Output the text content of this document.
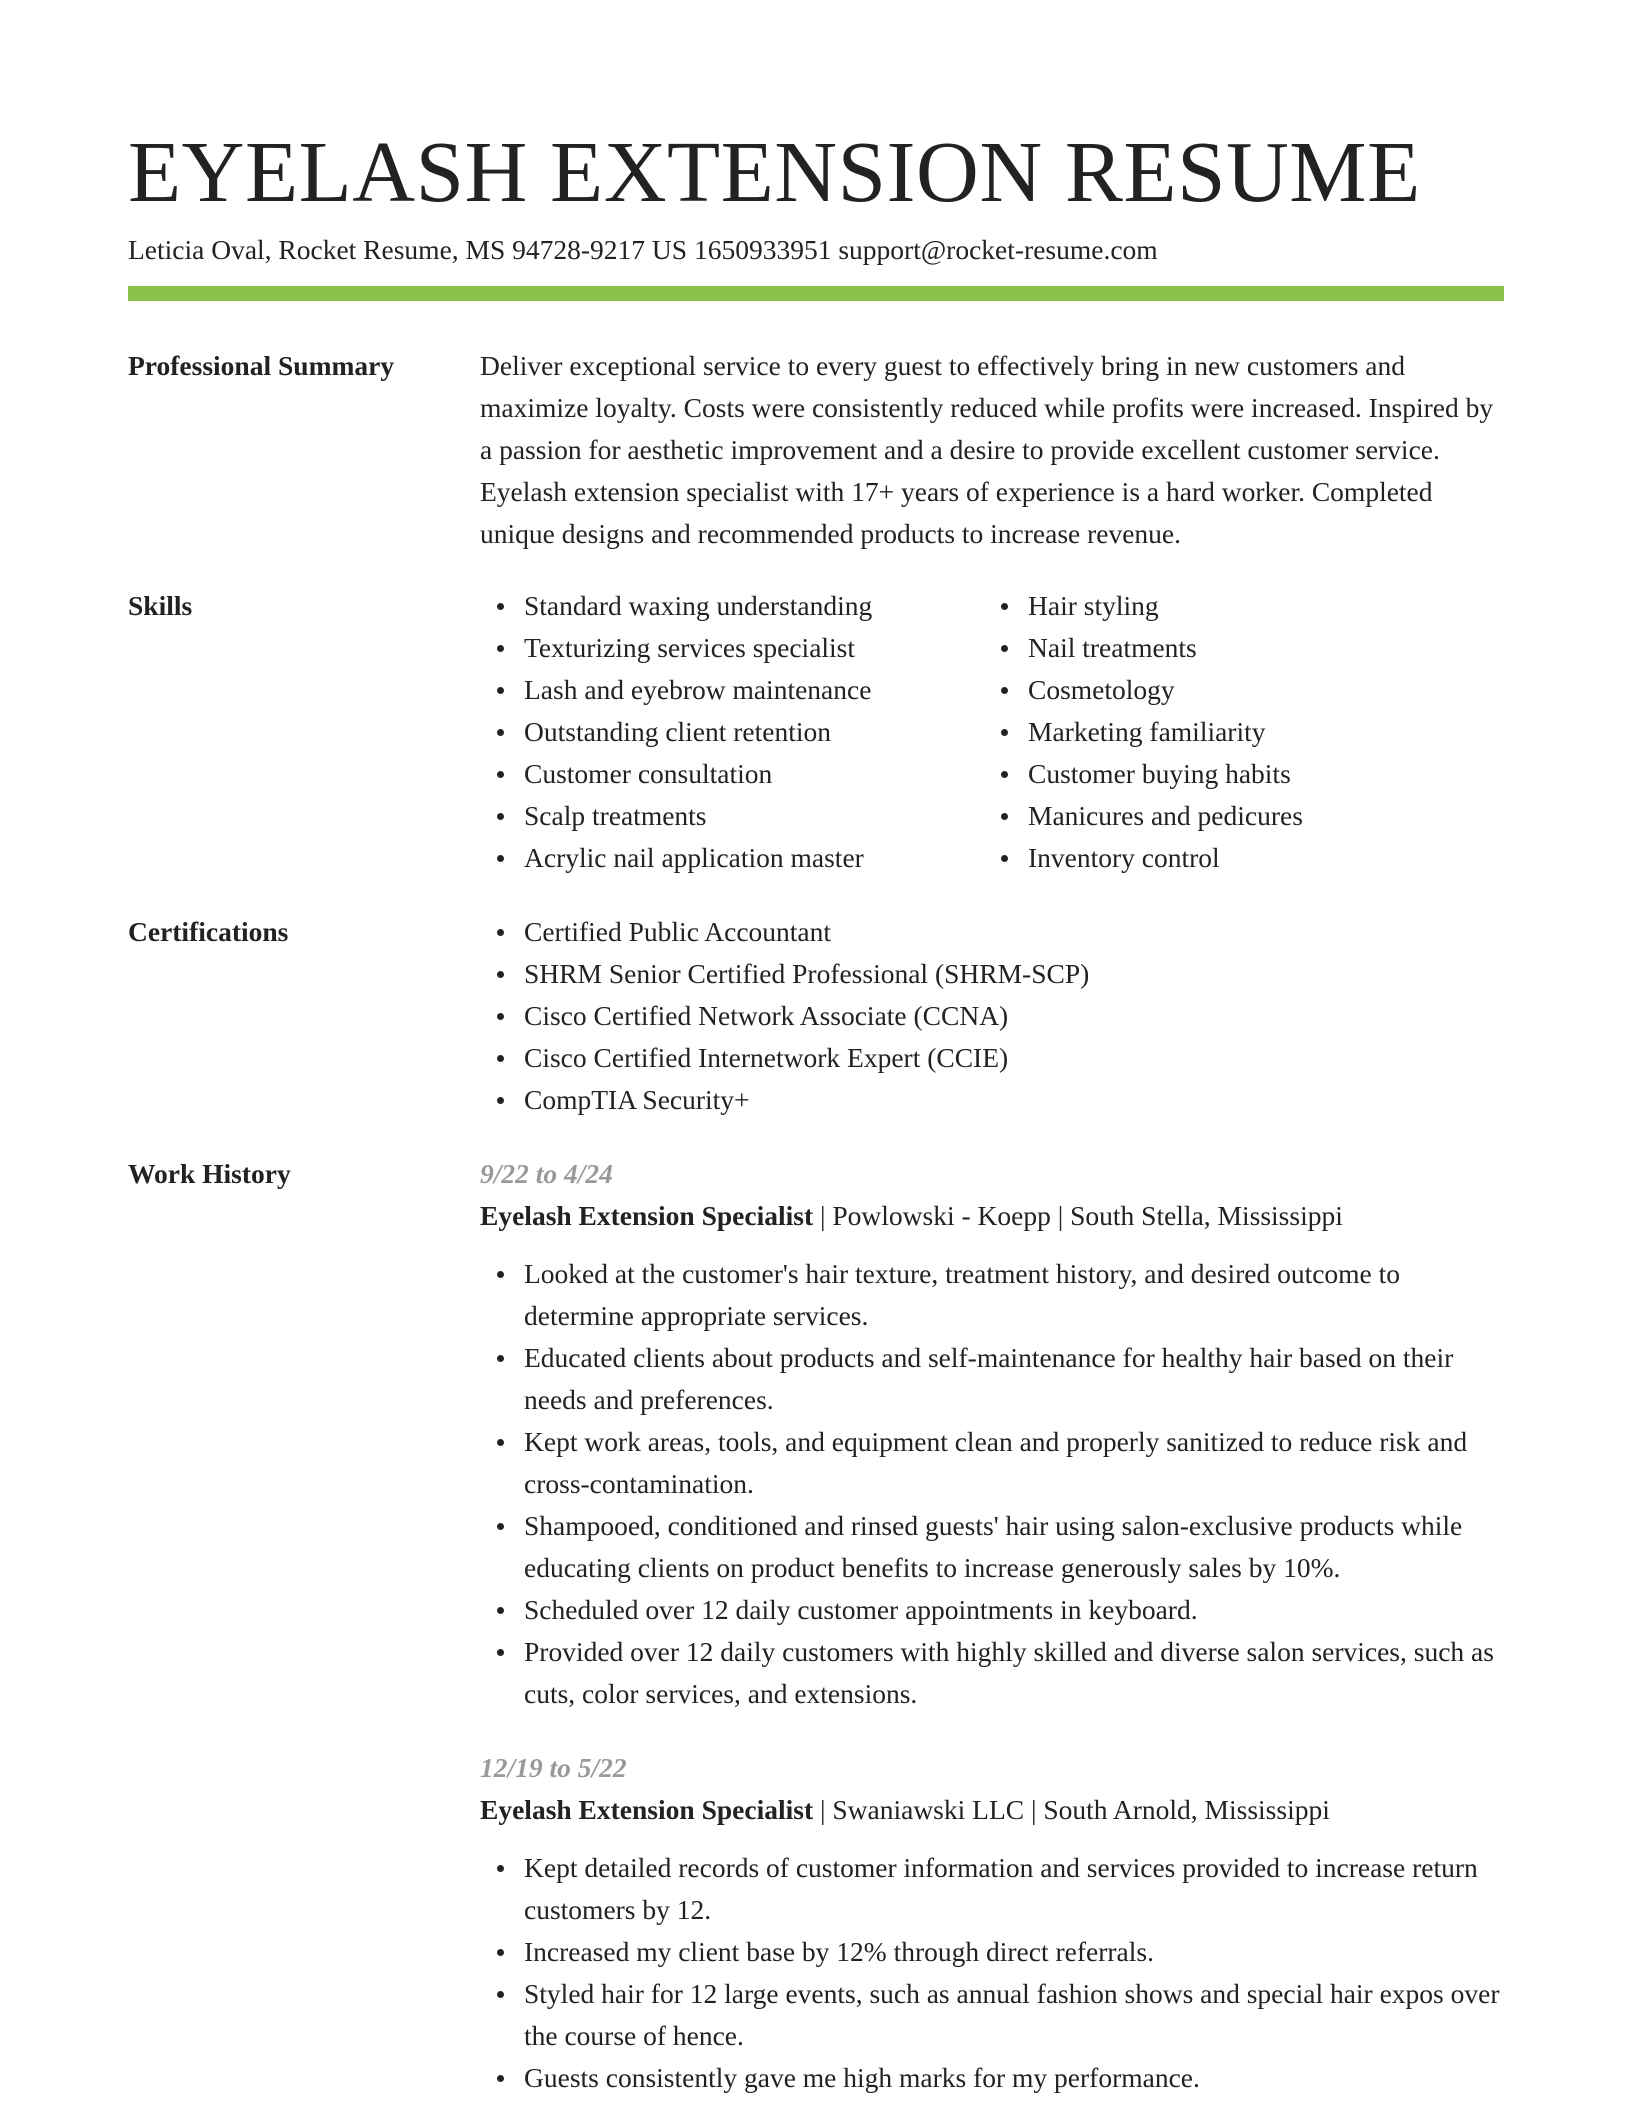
EYELASH EXTENSION RESUME
Leticia Oval, Rocket Resume, MS 94728-9217 US 1650933951 support@rocket-resume.com
Professional Summary	Deliver exceptional service to every guest to effectively bring in new customers and maximize loyalty. Costs were consistently reduced while profits were increased. Inspired by a passion for aesthetic improvement and a desire to provide excellent customer service. Eyelash extension specialist with 17+ years of experience is a hard worker. Completed unique designs and recommended products to increase revenue.

Skills	Standard waxing understanding
Texturizing services specialist
Lash and eyebrow maintenance
Outstanding client retention
Customer consultation
Scalp treatments
Acrylic nail application master
Hair styling
Nail treatments
Cosmetology
Marketing familiarity
Customer buying habits
Manicures and pedicures
Inventory control
Certifications	Certified Public Accountant
SHRM Senior Certified Professional (SHRM-SCP)
Cisco Certified Network Associate (CCNA)
Cisco Certified Internetwork Expert (CCIE)
CompTIA Security+
Work History	9/22 to 4/24
Eyelash Extension Specialist | Powlowski - Koepp | South Stella, Mississippi
Looked at the customer's hair texture, treatment history, and desired outcome to determine appropriate services.
Educated clients about products and self-maintenance for healthy hair based on their needs and preferences.
Kept work areas, tools, and equipment clean and properly sanitized to reduce risk and cross-contamination.
Shampooed, conditioned and rinsed guests' hair using salon-exclusive products while educating clients on product benefits to increase generously sales by 10%.
Scheduled over 12 daily customer appointments in keyboard.
Provided over 12 daily customers with highly skilled and diverse salon services, such as cuts, color services, and extensions.
12/19 to 5/22
Eyelash Extension Specialist | Swaniawski LLC | South Arnold, Mississippi
Kept detailed records of customer information and services provided to increase return customers by 12.
Increased my client base by 12% through direct referrals.
Styled hair for 12 large events, such as annual fashion shows and special hair expos over the course of hence.
Guests consistently gave me high marks for my performance.
